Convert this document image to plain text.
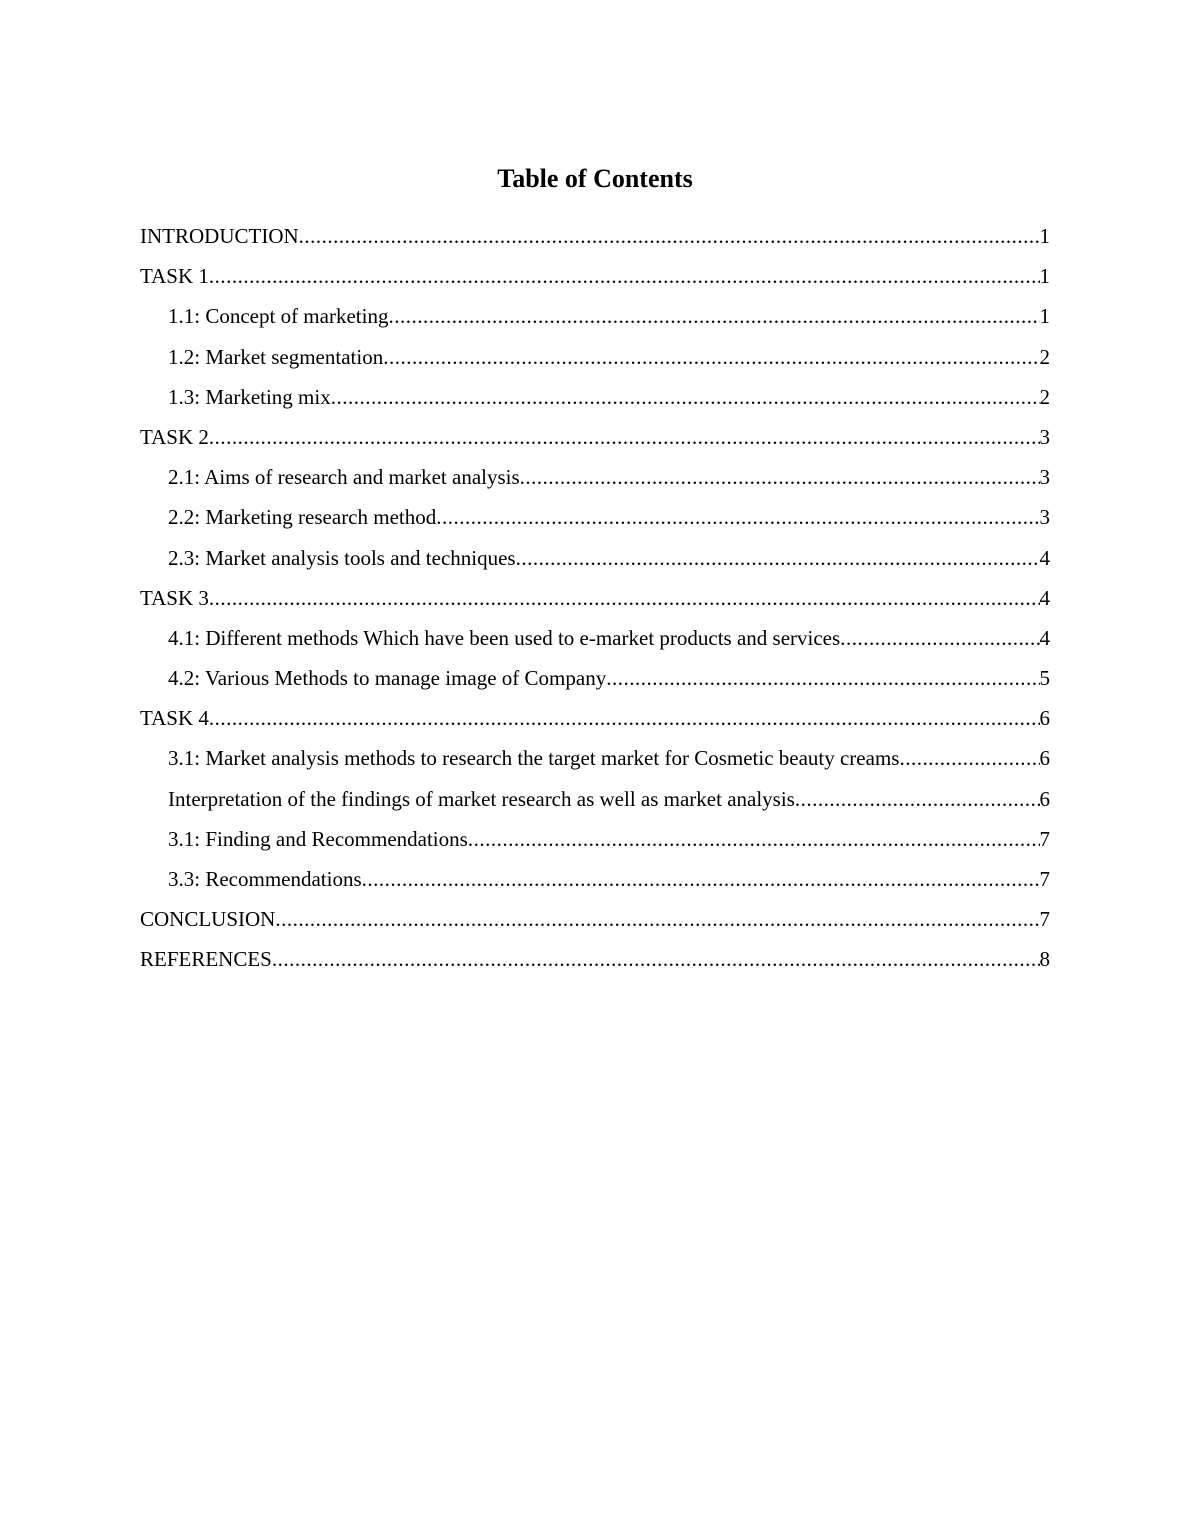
Table of Contents
INTRODUCTION .....	1
TASK 1 .....	1
1.1: Concept of marketing .....	1
1.2: Market segmentation .....	2
1.3: Marketing mix .....	2
TASK 2 .....	3
2.1: Aims of research and market analysis .....	3
2.2: Marketing research method .....	3
2.3: Market analysis tools and techniques .....	4
TASK 3 .....	4
4.1: Different methods Which have been used to e-market products and services .....	4
4.2: Various Methods to manage image of Company .....	5
TASK 4 .....	6
3.1: Market analysis methods to research the target market for Cosmetic beauty creams .....	6
Interpretation of the findings of market research as well as market analysis .....	6
3.1: Finding and Recommendations .....	7
3.3: Recommendations .....	7
CONCLUSION .....	7
REFERENCES .....	8
